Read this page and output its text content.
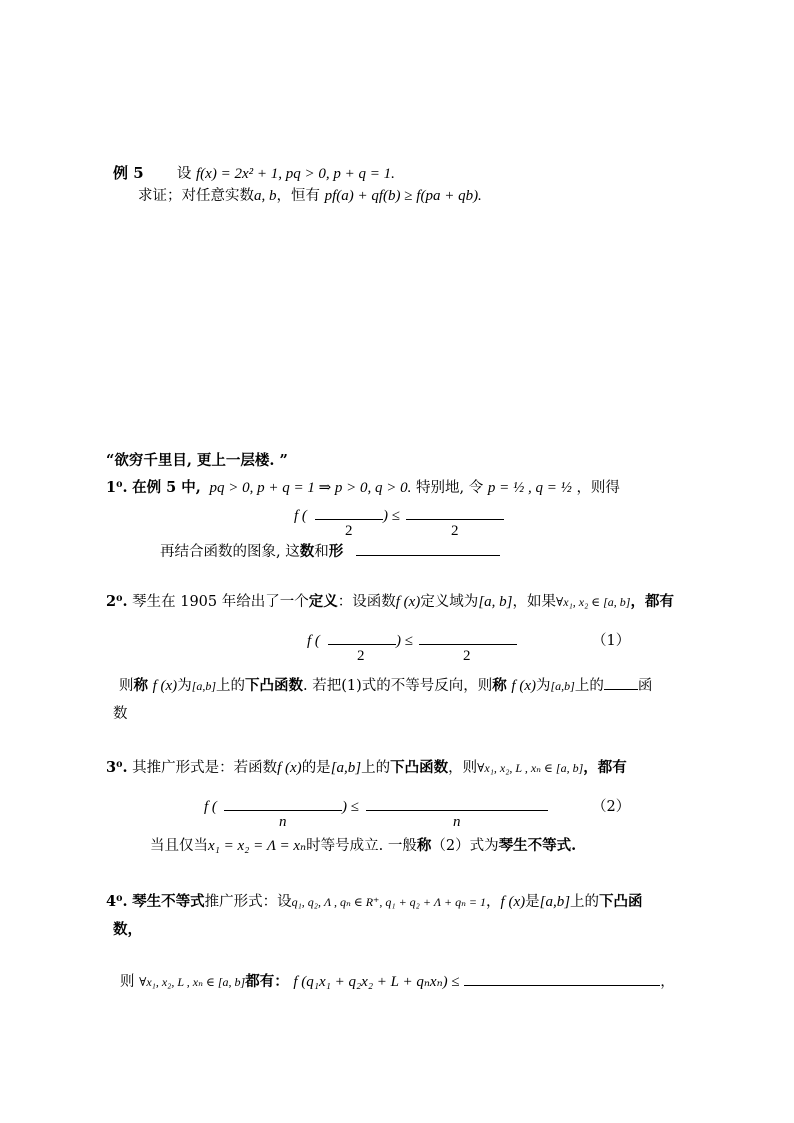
例 5 设 f(x) = 2x² + 1, pq > 0, p + q = 1.
求证；对任意实数a, b，恒有 pf(a) + qf(b) ≥ f(pa + qb).
“欲穷千里目, 更上一层楼. ”
1⁰. 在例 5 中, pq > 0, p + q = 1 ⇒ p > 0, q > 0. 特别地, 令 p = ½ , q = ½ ，则得
f (	) ≤
2	2
再结合函数的图象, 这数和形
2⁰. 琴生在 1905 年给出了一个定义：设函数f (x)定义域为[a, b]，如果∀x₁, x₂ ∈ [a, b]，都有
f (	) ≤
2	2
（1）
则称 f (x)为[a,b]上的下凸函数. 若把(1)式的不等号反向，则称 f (x)为[a,b]上的 函
数
3⁰. 其推广形式是：若函数f (x)的是[a,b]上的下凸函数，则∀x₁, x₂, L , xₙ ∈ [a, b]，都有
f (	) ≤
n	n
（2）
当且仅当x₁ = x₂ = Λ = xₙ时等号成立. 一般称（2）式为琴生不等式.
4⁰. 琴生不等式推广形式：设q₁, q₂, Λ , qₙ ∈ R⁺, q₁ + q₂ + Λ + qₙ = 1，f (x)是[a,b]上的下凸函
数，
则 ∀x₁, x₂, L , xₙ ∈ [a, b]都有： f (q₁x₁ + q₂x₂ + L + qₙxₙ) ≤	，
